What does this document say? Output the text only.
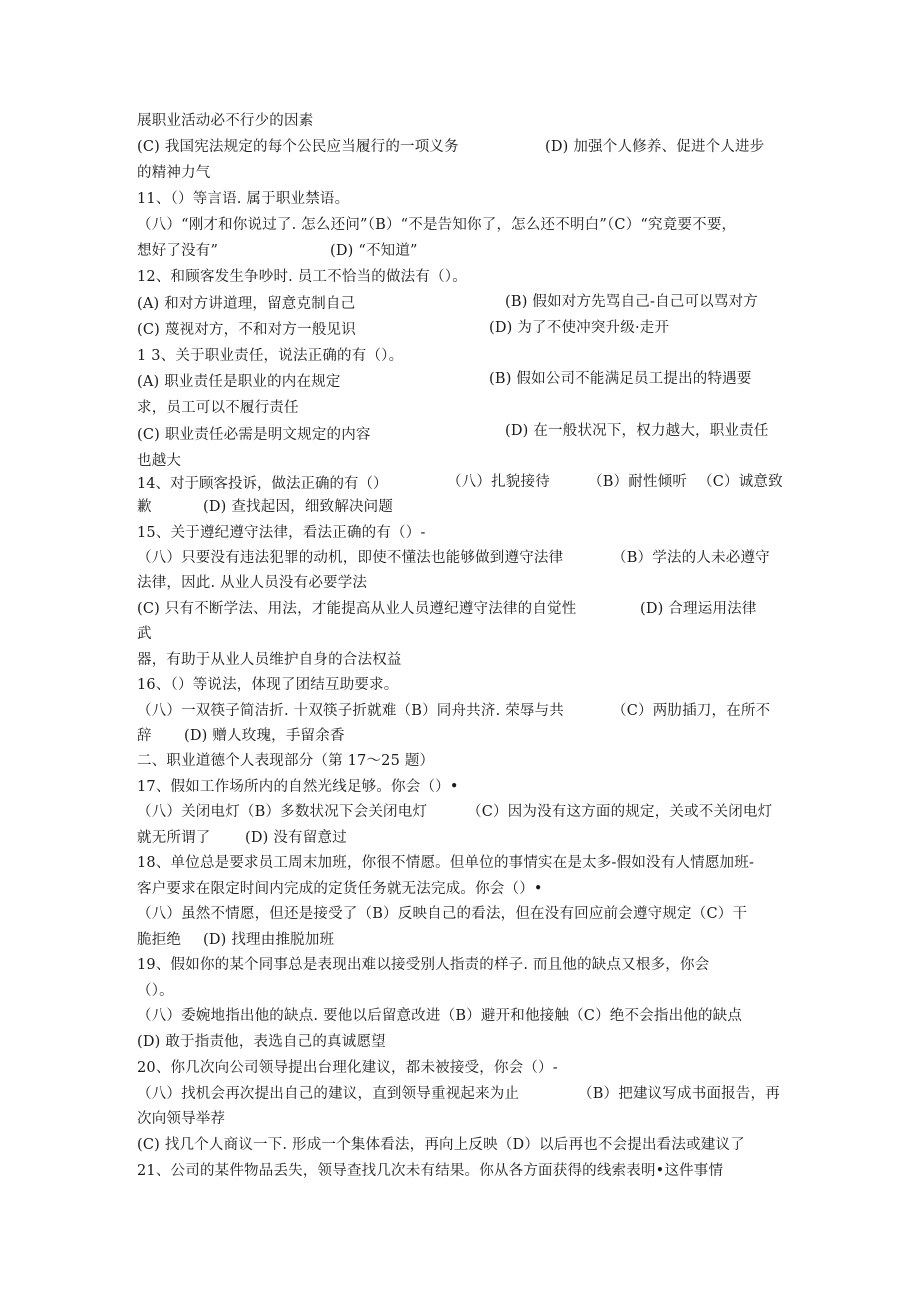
展职业活动必不行少的因素
(C) 我国宪法规定的每个公民应当履行的一项义务	(D) 加强个人修养、促进个人进步
的精神力气
11、（）等言语. 属于职业禁语。
（八）“刚才和你说过了. 怎么还问”（B）“不是告知你了，怎么还不明白”（C）“究竟要不要，
想好了没有”	(D) “不知道”
12、和顾客发生争吵时. 员工不恰当的做法有（）。
(A) 和对方讲道理，留意克制自己	(B) 假如对方先骂自己-自己可以骂对方
(C) 蔑视对方，不和对方一般见识	(D) 为了不使冲突升级·走开
1 3、关于职业责任，说法正确的有（）。
(A) 职业责任是职业的内在规定	(B) 假如公司不能满足员工提出的特遇要
求，员工可以不履行责任
(C) 职业责任必需是明文规定的内容	(D) 在一般状况下，权力越大，职业责任
也越大
14、对于顾客投诉，做法正确的有（）	（八）扎貌接待	（B）耐性倾听 （C）诚意致
歉	(D) 查找起因，细致解决问题
15、关于遵纪遵守法律，看法正确的有（）-
（八）只要没有违法犯罪的动机，即使不懂法也能够做到遵守法律	（B）学法的人未必遵守
法律，因此. 从业人员没有必要学法
(C) 只有不断学法、用法，才能提高从业人员遵纪遵守法律的自觉性	(D) 合理运用法律
武
器，有助于从业人员维护自身的合法权益
16、（）等说法，体现了团结互助要求。
（八）一双筷子简洁折. 十双筷子折就难（B）同舟共济. 荣辱与共	（C）两肋插刀，在所不
辞 (D) 赠人玫瑰，手留余香
二、职业道德个人表现部分（第 17～25 题）
17、假如工作场所内的自然光线足够。你会（）•
（八）关闭电灯（B）多数状况下会关闭电灯	（C）因为没有这方面的规定，关或不关闭电灯
就无所谓了 (D) 没有留意过
18、单位总是要求员工周末加班，你很不情愿。但单位的事情实在是太多-假如没有人情愿加班-
客户要求在限定时间内完成的定货任务就无法完成。你会（）•
（八）虽然不情愿，但还是接受了（B）反映自己的看法，但在没有回应前会遵守规定（C）干
脆拒绝 (D) 找理由推脱加班
19、假如你的某个同事总是表现出难以接受别人指责的样子. 而且他的缺点又根多，你会
（）。
（八）委婉地指出他的缺点. 要他以后留意改进（B）避开和他接触（C）绝不会指出他的缺点
(D) 敢于指责他，表选自己的真诚愿望
20、你几次向公司领导提出台理化建议，都未被接受，你会（）-
（八）找机会再次提出自己的建议，直到领导重视起来为止	（B）把建议写成书面报告，再
次向领导举荐
(C) 找几个人商议一下. 形成一个集体看法，再向上反映（D）以后再也不会提出看法或建议了
21、公司的某件物品丢失，领导查找几次未有结果。你从各方面获得的线索表明•这件事情
